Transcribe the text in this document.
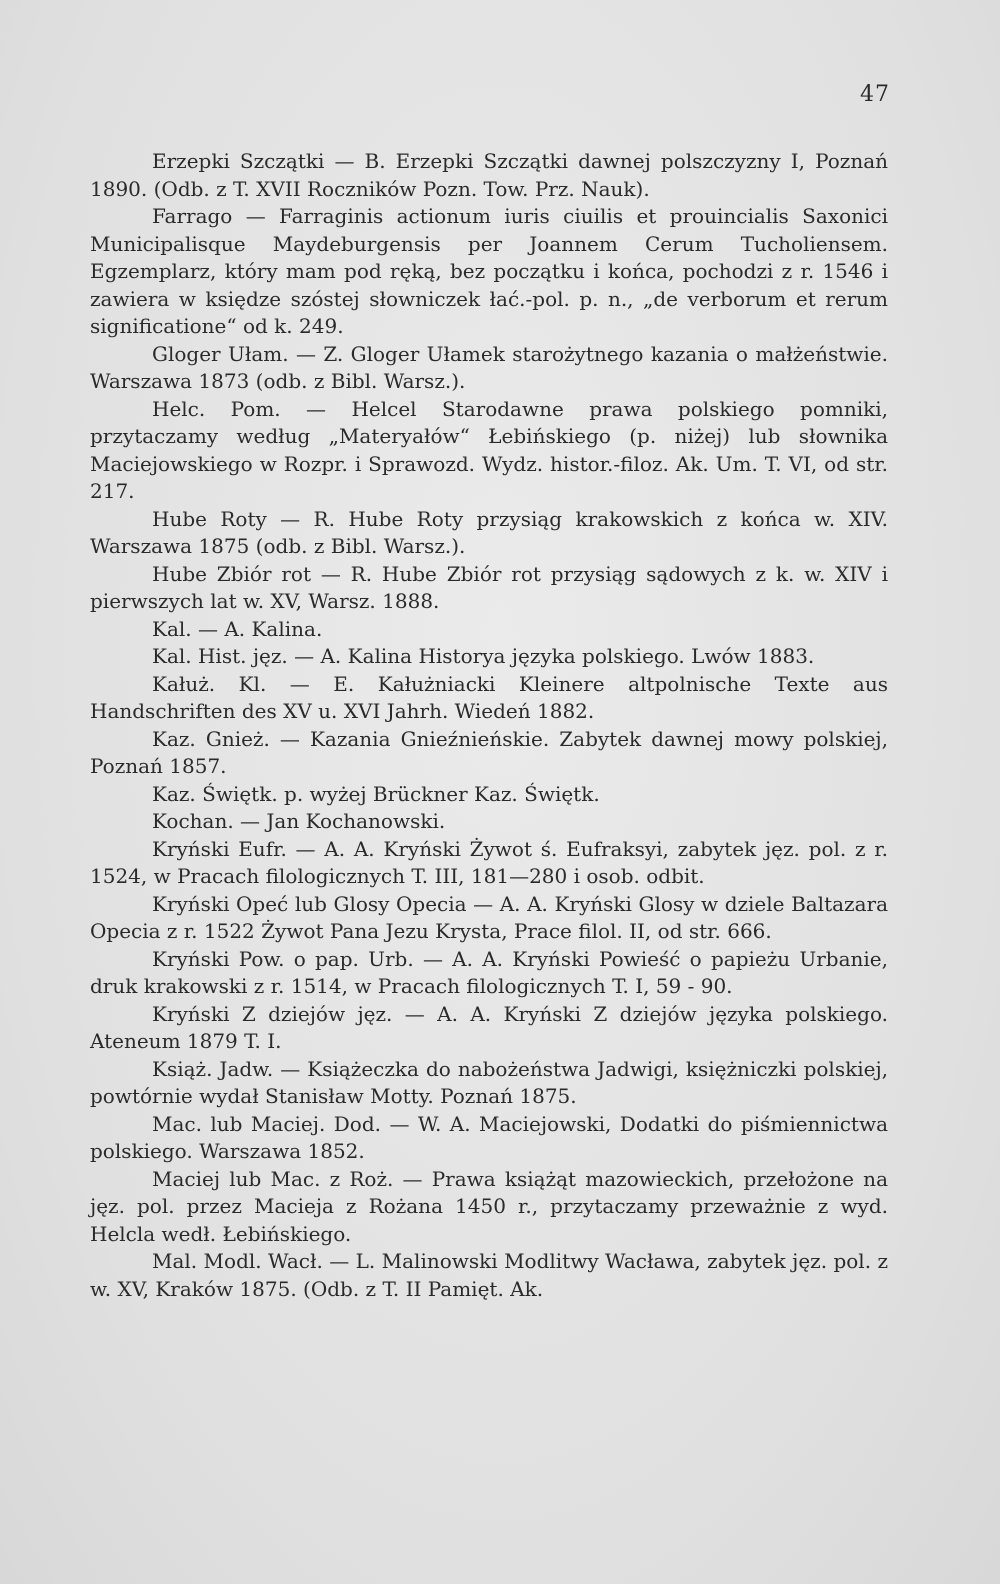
47

Erzepki Szczątki — B. Erzepki Szczątki dawnej polszczyzny I, Poznań 1890. (Odb. z T. XVII Roczników Pozn. Tow. Prz. Nauk).

Farrago — Farraginis actionum iuris ciuilis et prouincialis Saxonici Municipalisque Maydeburgensis per Joannem Cerum Tucholiensem. Egzemplarz, który mam pod ręką, bez początku i końca, pochodzi z r. 1546 i zawiera w księdze szóstej słowniczek łać.-pol. p. n., „de verborum et rerum significatione“ od k. 249.

Gloger Ułam. — Z. Gloger Ułamek starożytnego kazania o małżeństwie. Warszawa 1873 (odb. z Bibl. Warsz.).

Helc. Pom. — Helcel Starodawne prawa polskiego pomniki, przytaczamy według „Materyałów“ Łebińskiego (p. niżej) lub słownika Maciejowskiego w Rozpr. i Sprawozd. Wydz. histor.-filoz. Ak. Um. T. VI, od str. 217.

Hube Roty — R. Hube Roty przysiąg krakowskich z końca w. XIV. Warszawa 1875 (odb. z Bibl. Warsz.).

Hube Zbiór rot — R. Hube Zbiór rot przysiąg sądowych z k. w. XIV i pierwszych lat w. XV, Warsz. 1888.

Kal. — A. Kalina.

Kal. Hist. jęz. — A. Kalina Historya języka polskiego. Lwów 1883.

Kałuż. Kl. — E. Kałużniacki Kleinere altpolnische Texte aus Handschriften des XV u. XVI Jahrh. Wiedeń 1882.

Kaz. Gnież. — Kazania Gnieźnieńskie. Zabytek dawnej mowy polskiej, Poznań 1857.

Kaz. Świętk. p. wyżej Brückner Kaz. Świętk.

Kochan. — Jan Kochanowski.

Kryński Eufr. — A. A. Kryński Żywot ś. Eufraksyi, zabytek jęz. pol. z r. 1524, w Pracach filologicznych T. III, 181—280 i osob. odbit.

Kryński Opeć lub Glosy Opecia — A. A. Kryński Glosy w dziele Baltazara Opecia z r. 1522 Żywot Pana Jezu Krysta, Prace filol. II, od str. 666.

Kryński Pow. o pap. Urb. — A. A. Kryński Powieść o papieżu Urbanie, druk krakowski z r. 1514, w Pracach filologicznych T. I, 59 - 90.

Kryński Z dziejów jęz. — A. A. Kryński Z dziejów języka polskiego. Ateneum 1879 T. I.

Książ. Jadw. — Książeczka do nabożeństwa Jadwigi, księżniczki polskiej, powtórnie wydał Stanisław Motty. Poznań 1875.

Mac. lub Maciej. Dod. — W. A. Maciejowski, Dodatki do piśmiennictwa polskiego. Warszawa 1852.

Maciej lub Mac. z Roż. — Prawa książąt mazowieckich, przełożone na jęz. pol. przez Macieja z Rożana 1450 r., przytaczamy przeważnie z wyd. Helcla wedł. Łebińskiego.

Mal. Modl. Wacł. — L. Malinowski Modlitwy Wacława, zabytek jęz. pol. z w. XV, Kraków 1875. (Odb. z T. II Pamięt. Ak.
